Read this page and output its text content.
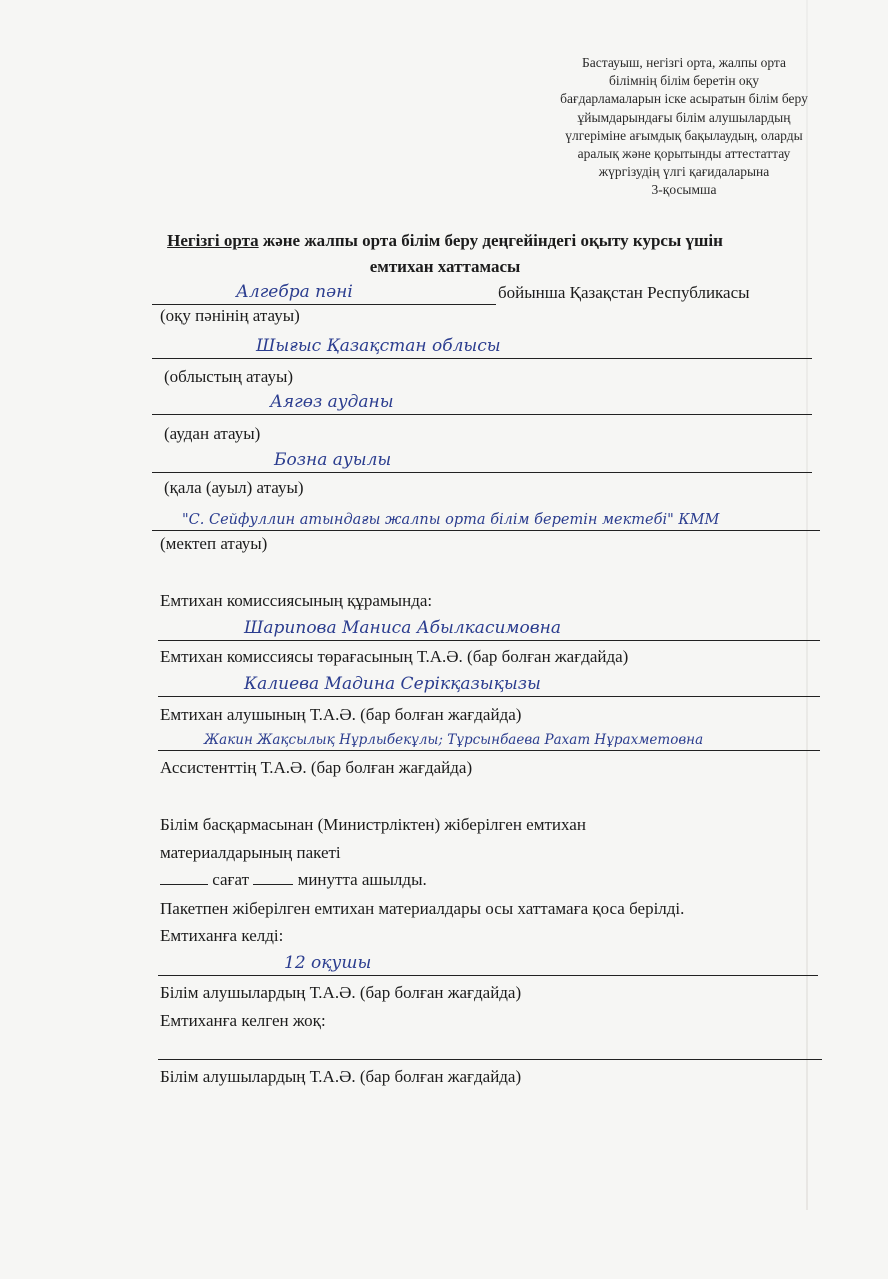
Бастауыш, негізгі орта, жалпы орта
білімнің білім беретін оқу
бағдарламаларын іске асыратын білім беру
ұйымдарындағы білім алушылардың
үлгеріміне ағымдық бақылаудың, оларды
аралық және қорытынды аттестаттау
жүргізудің үлгі қағидаларына
3-қосымша
Негізгі орта және жалпы орта білім беру деңгейіндегі оқыту курсы үшін
емтихан хаттамасы
Алгебра пәні	бойынша Қазақстан Республикасы
(оқу пәнінің атауы)
Шығыс Қазақстан облысы
(облыстың атауы)
Аягөз ауданы
(аудан атауы)
Бозна ауылы
(қала (ауыл) атауы)
"С. Сейфуллин атындағы жалпы орта білім беретін мектебі" КММ
(мектеп атауы)
Емтихан комиссиясының құрамында:
Шарипова Маниса Абылкасимовна
Емтихан комиссиясы төрағасының Т.А.Ә. (бар болған жағдайда)
Калиева Мадина Серікқазықызы
Емтихан алушының Т.А.Ә. (бар болған жағдайда)
Жакин Жақсылық Нұрлыбекұлы; Тұрсынбаева Рахат Нұрахметовна
Ассистенттің Т.А.Ә. (бар болған жағдайда)
Білім басқармасынан (Министрліктен) жіберілген емтихан
материалдарының пакеті
сағат	минутта ашылды.
Пакетпен жіберілген емтихан материалдары осы хаттамаға қоса берілді.
Емтиханға келді:
12 оқушы
Білім алушылардың Т.А.Ә. (бар болған жағдайда)
Емтиханға келген жоқ:
Білім алушылардың Т.А.Ә. (бар болған жағдайда)
